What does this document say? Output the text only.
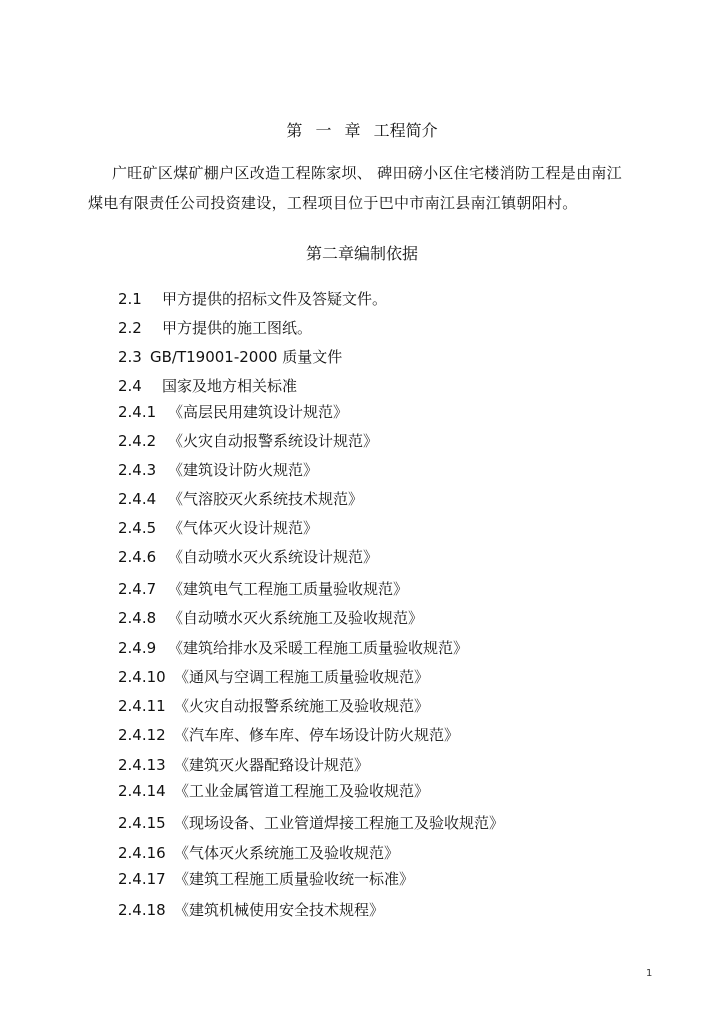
第 一 章 工程简介
广旺矿区煤矿棚户区改造工程陈家坝、 碑田磅小区住宅楼消防工程是由南江煤电有限责任公司投资建设，工程项目位于巴中市南江县南江镇朝阳村。
第二章编制依据
2.1 甲方提供的招标文件及答疑文件。
2.2 甲方提供的施工图纸。
2.3 GB/T19001-2000 质量文件
2.4 国家及地方相关标准
2.4.1 《高层民用建筑设计规范》
2.4.2 《火灾自动报警系统设计规范》
2.4.3 《建筑设计防火规范》
2.4.4 《气溶胶灭火系统技术规范》
2.4.5 《气体灭火设计规范》
2.4.6 《自动喷水灭火系统设计规范》
2.4.7 《建筑电气工程施工质量验收规范》
2.4.8 《自动喷水灭火系统施工及验收规范》
2.4.9 《建筑给排水及采暖工程施工质量验收规范》
2.4.10 《通风与空调工程施工质量验收规范》
2.4.11 《火灾自动报警系统施工及验收规范》
2.4.12 《汽车库、修车库、停车场设计防火规范》
2.4.13 《建筑灭火器配臵设计规范》
2.4.14 《工业金属管道工程施工及验收规范》
2.4.15 《现场设备、工业管道焊接工程施工及验收规范》
2.4.16 《气体灭火系统施工及验收规范》
2.4.17 《建筑工程施工质量验收统一标准》
2.4.18 《建筑机械使用安全技术规程》
1
